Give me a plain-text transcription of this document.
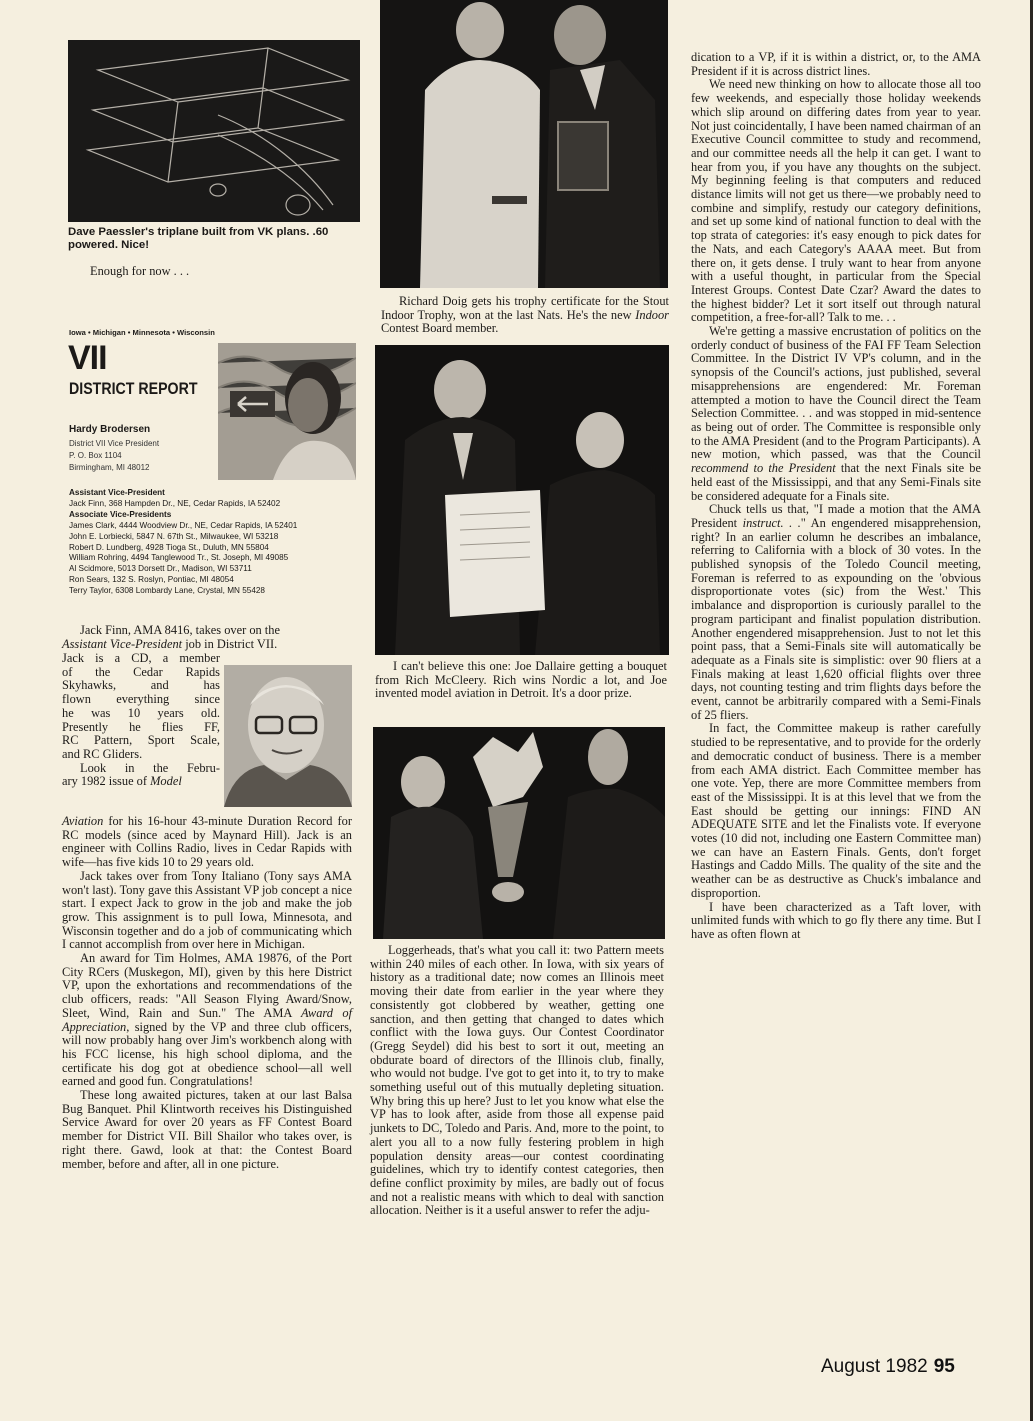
Dave Paessler's triplane built from VK plans. .60 powered. Nice!
Enough for now . . .
Iowa • Michigan • Minnesota • Wisconsin
VII
DISTRICT REPORT
Hardy Brodersen
District VII Vice President
P. O. Box 1104
Birmingham, MI 48012
Assistant Vice-President
Jack Finn, 368 Hampden Dr., NE, Cedar Rapids, IA 52402
Associate Vice-Presidents
James Clark, 4444 Woodview Dr., NE, Cedar Rapids, IA 52401
John E. Lorbiecki, 5847 N. 67th St., Milwaukee, WI 53218
Robert D. Lundberg, 4928 Tioga St., Duluth, MN 55804
William Rohring, 4494 Tanglewood Tr., St. Joseph, MI 49085
Al Scidmore, 5013 Dorsett Dr., Madison, WI 53711
Ron Sears, 132 S. Roslyn, Pontiac, MI 48054
Terry Taylor, 6308 Lombardy Lane, Crystal, MN 55428

Jack Finn, AMA 8416, takes over on the

Assistant Vice-President job in District VII.

Jack is a CD, a member

of the Cedar Rapids

Skyhawks, and has

flown everything since

he was 10 years old.

Presently he flies FF,

RC Pattern, Sport Scale,

and RC Gliders.

Look in the Febru-

ary 1982 issue of Model

Aviation for his 16-hour 43-minute Duration Record for RC models (since aced by Maynard Hill). Jack is an engineer with Collins Radio, lives in Cedar Rapids with wife—has five kids 10 to 29 years old.

Jack takes over from Tony Italiano (Tony says AMA won't last). Tony gave this Assistant VP job concept a nice start. I expect Jack to grow in the job and make the job grow. This assignment is to pull Iowa, Minnesota, and Wisconsin together and do a job of communicating which I cannot accomplish from over here in Michigan.

An award for Tim Holmes, AMA 19876, of the Port City RCers (Muskegon, MI), given by this here District VP, upon the exhortations and recommendations of the club officers, reads: "All Season Flying Award/Snow, Sleet, Wind, Rain and Sun." The AMA Award of Appreciation, signed by the VP and three club officers, will now probably hang over Jim's workbench along with his FCC license, his high school diploma, and the certificate his dog got at obedience school—all well earned and good fun. Congratulations!

These long awaited pictures, taken at our last Balsa Bug Banquet. Phil Klintworth receives his Distinguished Service Award for over 20 years as FF Contest Board member for District VII. Bill Shailor who takes over, is right there. Gawd, look at that: the Contest Board member, before and after, all in one picture.

Richard Doig gets his trophy certificate for the Stout Indoor Trophy, won at the last Nats. He's the new Indoor Contest Board member.

I can't believe this one: Joe Dallaire getting a bouquet from Rich McCleery. Rich wins Nordic a lot, and Joe invented model aviation in Detroit. It's a door prize.

Loggerheads, that's what you call it: two Pattern meets within 240 miles of each other. In Iowa, with six years of history as a traditional date; now comes an Illinois meet moving their date from earlier in the year where they consistently got clobbered by weather, getting one sanction, and then getting that changed to dates which conflict with the Iowa guys. Our Contest Coordinator (Gregg Seydel) did his best to sort it out, meeting an obdurate board of directors of the Illinois club, finally, who would not budge. I've got to get into it, to try to make something useful out of this mutually depleting situation. Why bring this up here? Just to let you know what else the VP has to look after, aside from those all expense paid junkets to DC, Toledo and Paris. And, more to the point, to alert you all to a now fully festering problem in high population density areas—our contest coordinating guidelines, which try to identify contest categories, then define conflict proximity by miles, are badly out of focus and not a realistic means with which to deal with sanction allocation. Neither is it a useful answer to refer the adju-

dication to a VP, if it is within a district, or, to the AMA President if it is across district lines.

We need new thinking on how to allocate those all too few weekends, and especially those holiday weekends which slip around on differing dates from year to year. Not just coincidentally, I have been named chairman of an Executive Council committee to study and recommend, and our committee needs all the help it can get. I want to hear from you, if you have any thoughts on the subject. My beginning feeling is that computers and reduced distance limits will not get us there—we probably need to combine and simplify, restudy our category definitions, and set up some kind of national function to deal with the top strata of categories: it's easy enough to pick dates for the Nats, and each Category's AAAA meet. But from there on, it gets dense. I truly want to hear from anyone with a useful thought, in particular from the Special Interest Groups. Contest Date Czar? Award the dates to the highest bidder? Let it sort itself out through natural competition, a free-for-all? Talk to me. . .

We're getting a massive encrustation of politics on the orderly conduct of business of the FAI FF Team Selection Committee. In the District IV VP's column, and in the synopsis of the Council's actions, just published, several misapprehensions are engendered: Mr. Foreman attempted a motion to have the Council direct the Team Selection Committee. . . and was stopped in mid-sentence as being out of order. The Committee is responsible only to the AMA President (and to the Program Participants). A new motion, which passed, was that the Council recommend to the President that the next Finals site be held east of the Mississippi, and that any Semi-Finals site be considered adequate for a Finals site.

Chuck tells us that, "I made a motion that the AMA President instruct. . ." An engendered misapprehension, right? In an earlier column he describes an imbalance, referring to California with a block of 30 votes. In the published synopsis of the Toledo Council meeting, Foreman is referred to as expounding on the 'obvious disproportionate votes (sic) from the West.' This imbalance and disproportion is curiously parallel to the program participant and finalist population distribution. Another engendered misapprehension. Just to not let this point pass, that a Semi-Finals site will automatically be adequate as a Finals site is simplistic: over 90 fliers at a Finals making at least 1,620 official flights over three days, not counting testing and trim flights days before the event, cannot be arbitrarily compared with a Semi-Finals of 25 fliers.

In fact, the Committee makeup is rather carefully studied to be representative, and to provide for the orderly and democratic conduct of business. There is a member from each AMA district. Each Committee member has one vote. Yep, there are more Committee members from east of the Mississippi. It is at this level that we from the East should be getting our innings: FIND AN ADEQUATE SITE and let the Finalists vote. If everyone votes (10 did not, including one Eastern Committee man) we can have an Eastern Finals. Gents, don't forget Hastings and Caddo Mills. The quality of the site and the weather can be as destructive as Chuck's imbalance and disproportion.

I have been characterized as a Taft lover, with unlimited funds with which to go fly there any time. But I have as often flown at

August 1982 95
